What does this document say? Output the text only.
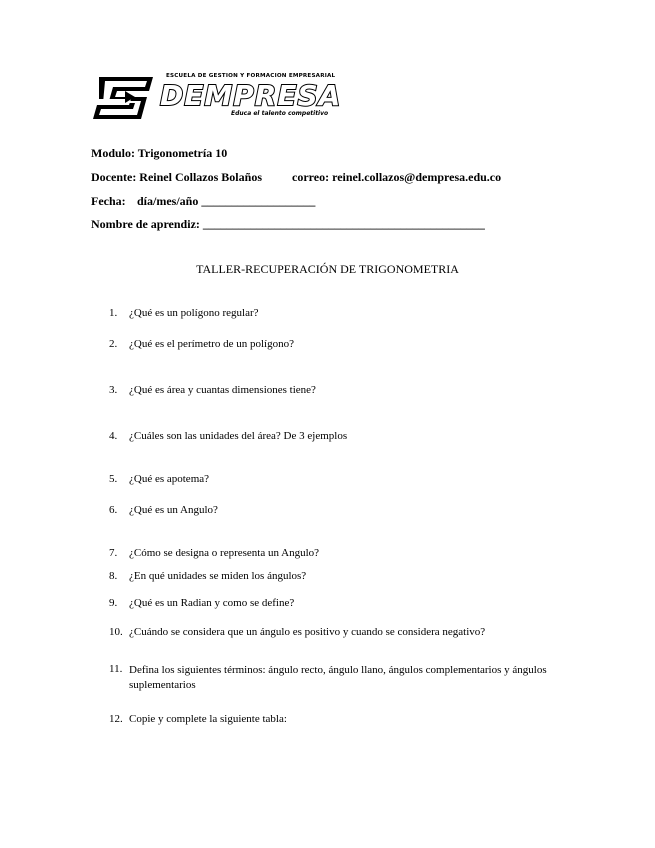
ESCUELA DE GESTION Y FORMACION EMPRESARIAL
DEMPRESA
Educa el talento competitivo
Modulo: Trigonometría 10
Docente: Reinel Collazos Bolaños	correo: reinel.collazos@dempresa.edu.co
Fecha: día/mes/año ___________________
Nombre de aprendiz: _______________________________________________
TALLER-RECUPERACIÓN DE TRIGONOMETRIA
1. ¿Qué es un polígono regular?
2. ¿Qué es el perímetro de un polígono?
3. ¿Qué es área y cuantas dimensiones tiene?
4. ¿Cuáles son las unidades del área? De 3 ejemplos
5. ¿Qué es apotema?
6. ¿Qué es un Angulo?
7. ¿Cómo se designa o representa un Angulo?
8. ¿En qué unidades se miden los ángulos?
9. ¿Qué es un Radian y como se define?
10. ¿Cuándo se considera que un ángulo es positivo y cuando se considera negativo?
11. Defina los siguientes términos: ángulo recto, ángulo llano, ángulos complementarios y ángulos suplementarios
12. Copie y complete la siguiente tabla:
